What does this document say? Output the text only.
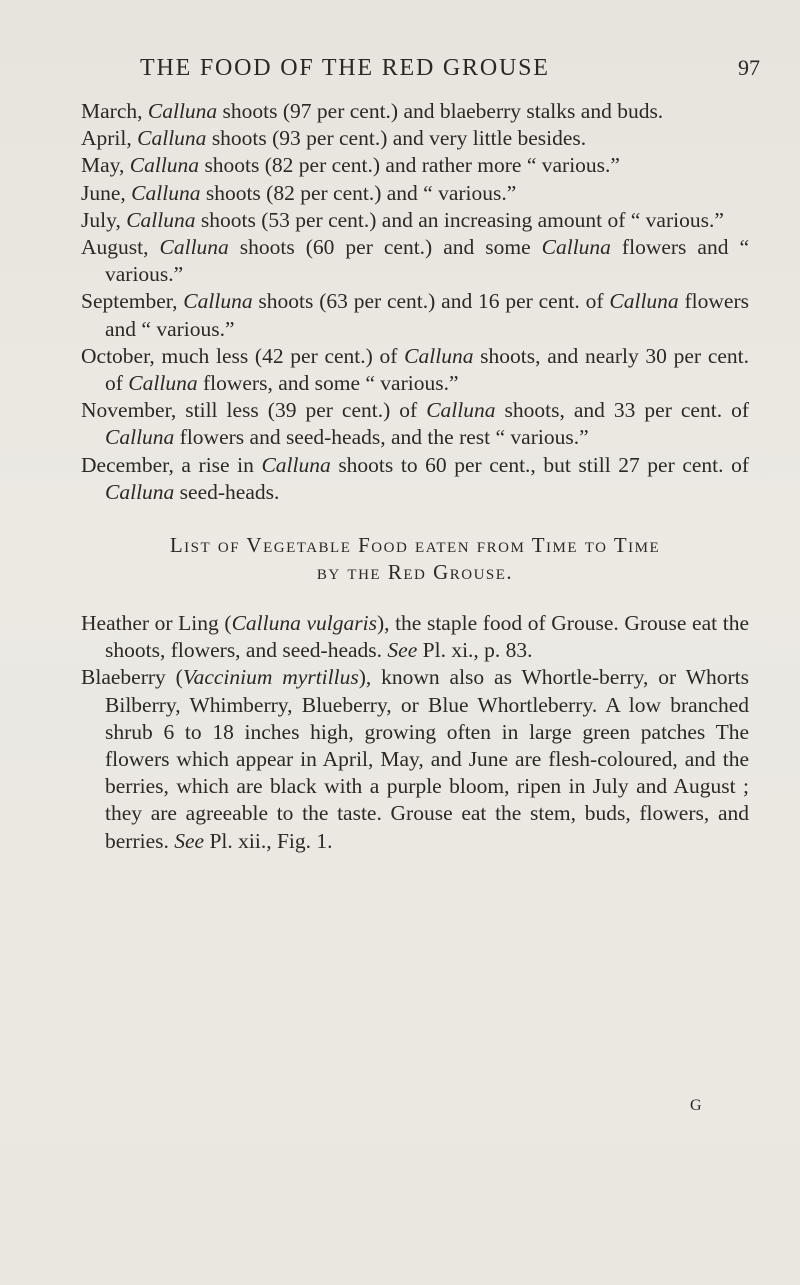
THE FOOD OF THE RED GROUSE	97

March, Calluna shoots (97 per cent.) and blaeberry stalks and buds.

April, Calluna shoots (93 per cent.) and very little besides.

May, Calluna shoots (82 per cent.) and rather more “ various.”

June, Calluna shoots (82 per cent.) and “ various.”

July, Calluna shoots (53 per cent.) and an increasing amount of “ various.”

August, Calluna shoots (60 per cent.) and some Calluna flowers and “ various.”

September, Calluna shoots (63 per cent.) and 16 per cent. of Calluna flowers and “ various.”

October, much less (42 per cent.) of Calluna shoots, and nearly 30 per cent. of Calluna flowers, and some “ various.”

November, still less (39 per cent.) of Calluna shoots, and 33 per cent. of Calluna flowers and seed-heads, and the rest “ various.”

December, a rise in Calluna shoots to 60 per cent., but still 27 per cent. of Calluna seed-heads.

List of Vegetable Food eaten from Time to Time
by the Red Grouse.

Heather or Ling (Calluna vulgaris), the staple food of Grouse. Grouse eat the shoots, flowers, and seed-heads. See Pl. xi., p. 83.

Blaeberry (Vaccinium myrtillus), known also as Whortle-berry, or Whorts Bilberry, Whimberry, Blueberry, or Blue Whortleberry. A low branched shrub 6 to 18 inches high, growing often in large green patches The flowers which appear in April, May, and June are flesh-coloured, and the berries, which are black with a purple bloom, ripen in July and August ; they are agreeable to the taste. Grouse eat the stem, buds, flowers, and berries. See Pl. xii., Fig. 1.

G
